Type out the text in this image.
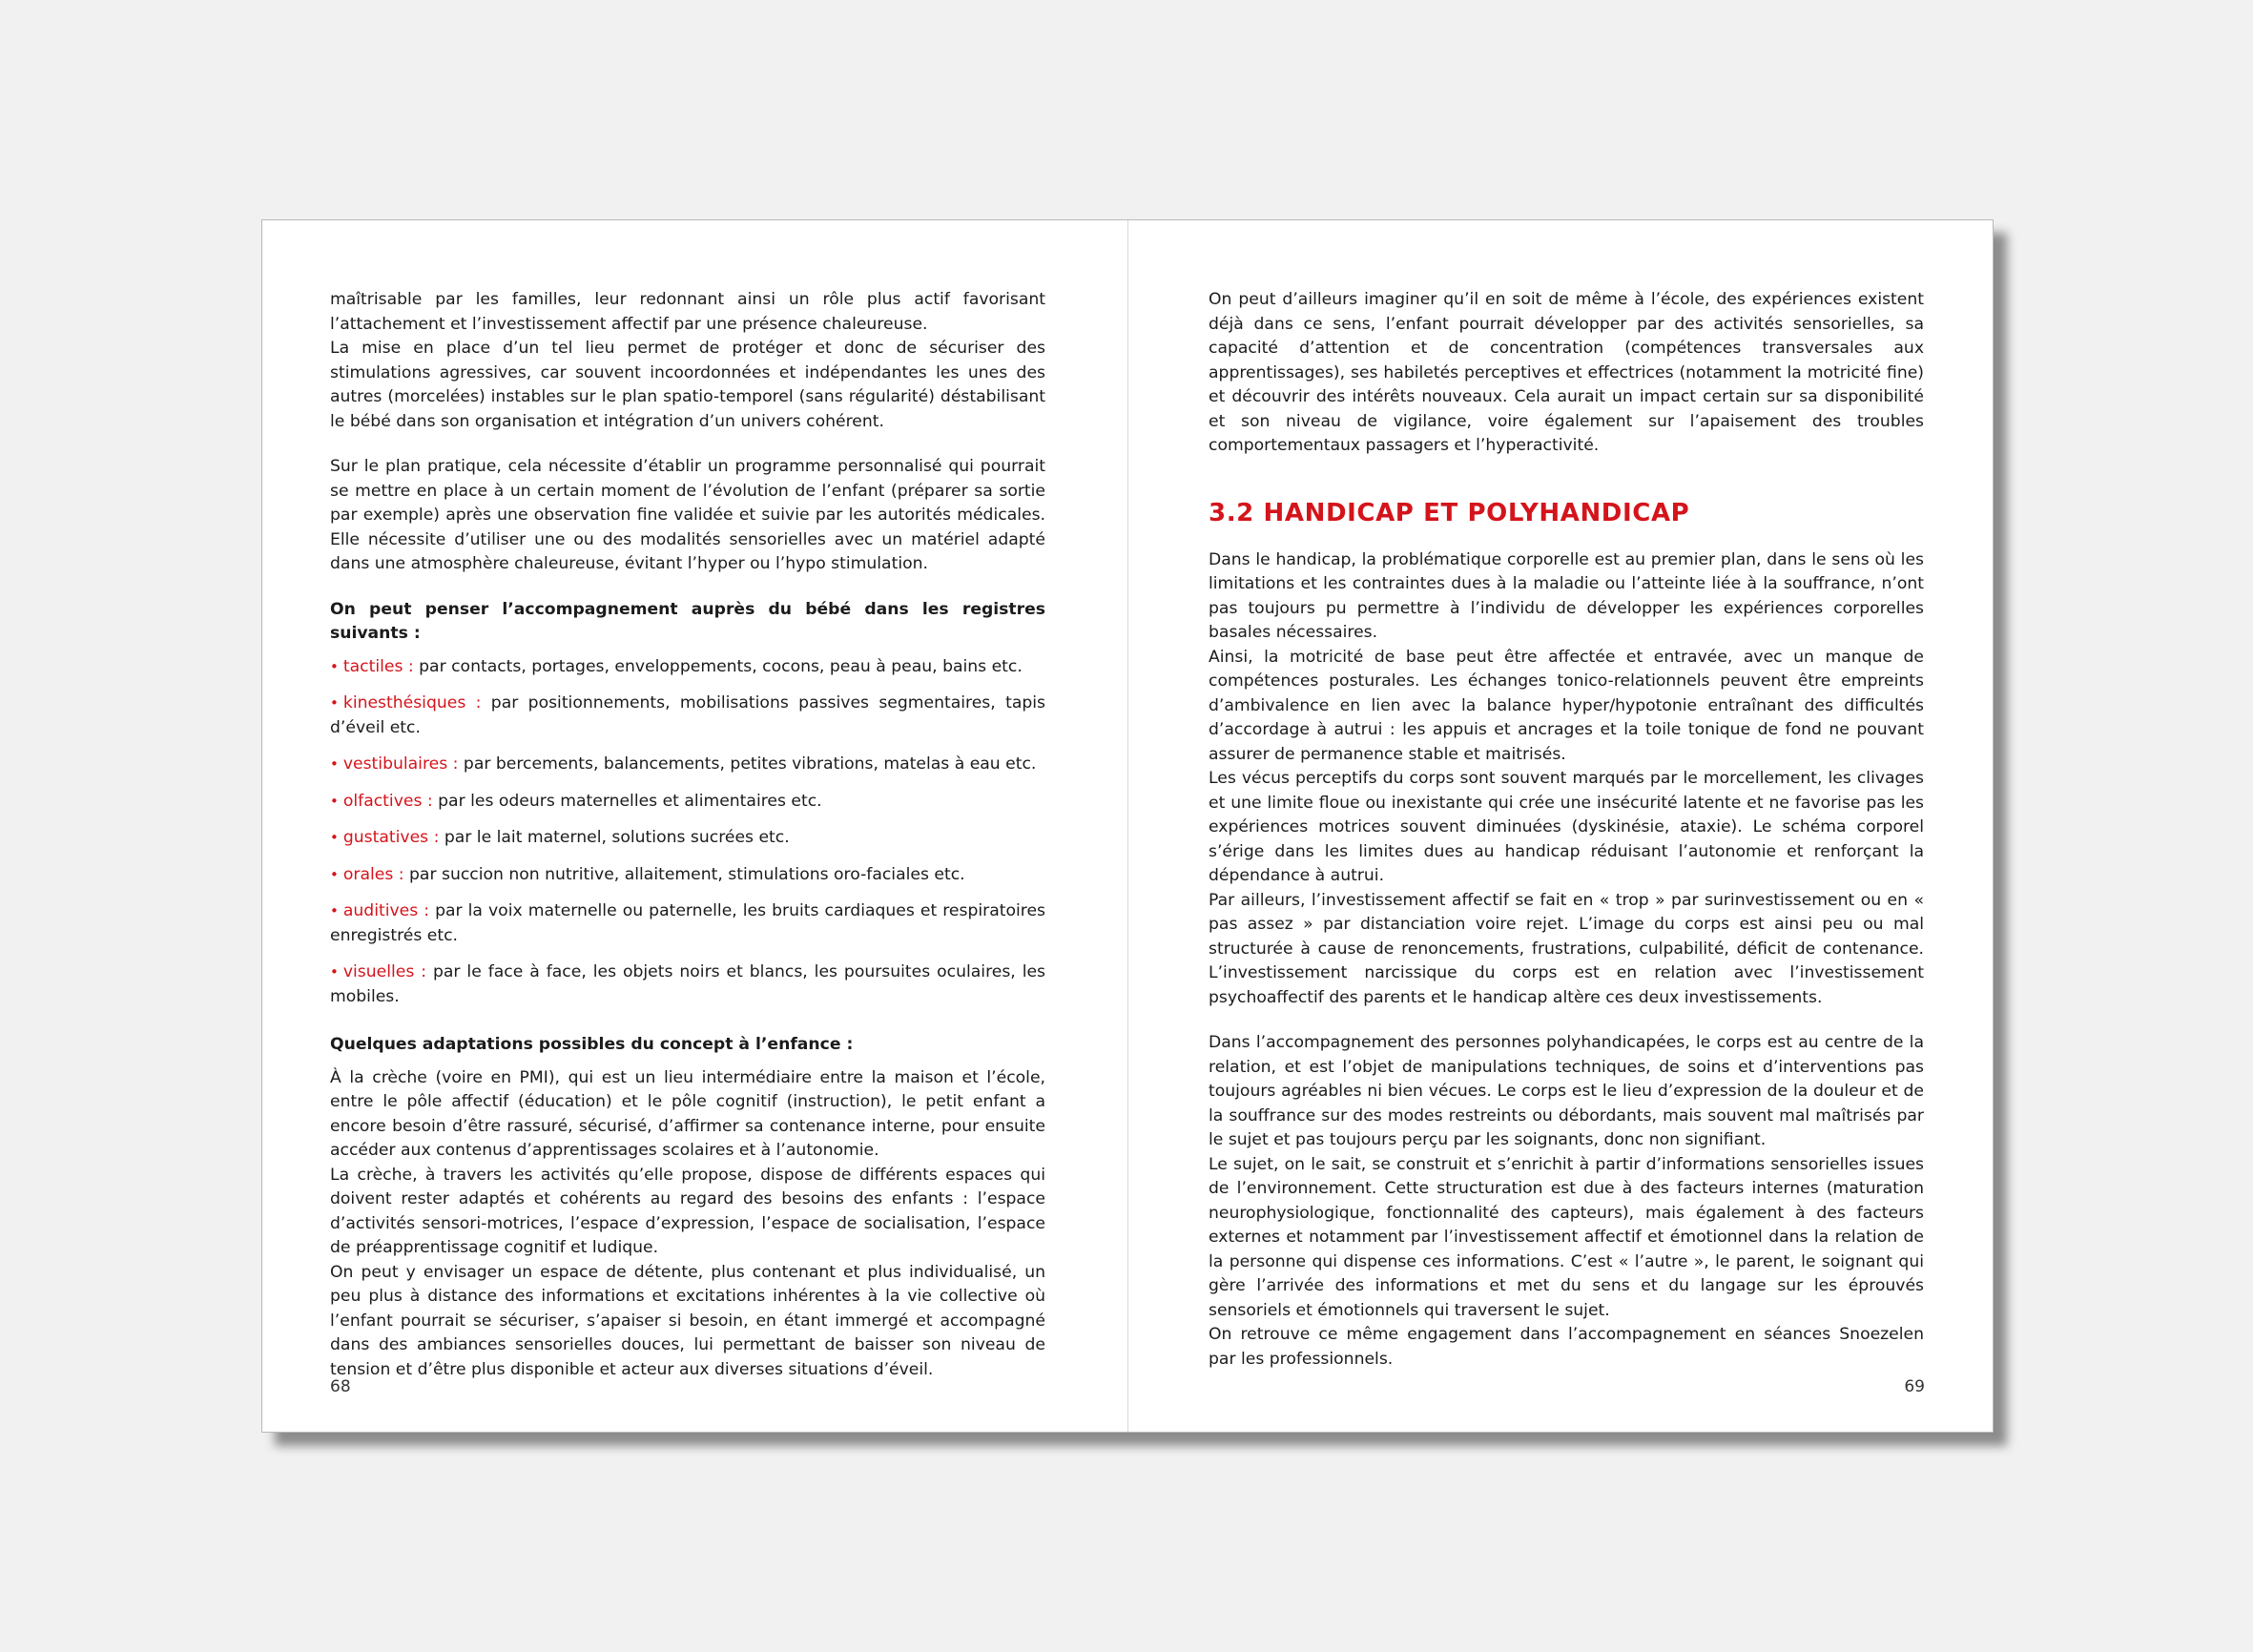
maîtrisable par les familles, leur redonnant ainsi un rôle plus actif favorisant l’attachement et l’investissement affectif par une présence chaleureuse.

La mise en place d’un tel lieu permet de protéger et donc de sécuriser des stimulations agressives, car souvent incoordonnées et indépendantes les unes des autres (morcelées) instables sur le plan spatio-temporel (sans régularité) déstabilisant le bébé dans son organisation et intégration d’un univers cohérent.

Sur le plan pratique, cela nécessite d’établir un programme personnalisé qui pourrait se mettre en place à un certain moment de l’évolution de l’enfant (préparer sa sortie par exemple) après une observation fine validée et suivie par les autorités médicales. Elle nécessite d’utiliser une ou des modalités sensorielles avec un matériel adapté dans une atmosphère chaleureuse, évitant l’hyper ou l’hypo stimulation.

On peut penser l’accompagnement auprès du bébé dans les registres suivants :

• tactiles : par contacts, portages, enveloppements, cocons, peau à peau, bains etc.

• kinesthésiques : par positionnements, mobilisations passives segmentaires, tapis d’éveil etc.

• vestibulaires : par bercements, balancements, petites vibrations, matelas à eau etc.

• olfactives : par les odeurs maternelles et alimentaires etc.

• gustatives : par le lait maternel, solutions sucrées etc.

• orales : par succion non nutritive, allaitement, stimulations oro-faciales etc.

• auditives : par la voix maternelle ou paternelle, les bruits cardiaques et respiratoires enregistrés etc.

• visuelles : par le face à face, les objets noirs et blancs, les poursuites oculaires, les mobiles.

Quelques adaptations possibles du concept à l’enfance :

À la crèche (voire en PMI), qui est un lieu intermédiaire entre la maison et l’école, entre le pôle affectif (éducation) et le pôle cognitif (instruction), le petit enfant a encore besoin d’être rassuré, sécurisé, d’affirmer sa contenance interne, pour ensuite accéder aux contenus d’apprentissages scolaires et à l’autonomie.

La crèche, à travers les activités qu’elle propose, dispose de différents espaces qui doivent rester adaptés et cohérents au regard des besoins des enfants : l’espace d’activités sensori-motrices, l’espace d’expression, l’espace de socialisation, l’espace de préapprentissage cognitif et ludique.

On peut y envisager un espace de détente, plus contenant et plus individualisé, un peu plus à distance des informations et excitations inhérentes à la vie collective où l’enfant pourrait se sécuriser, s’apaiser si besoin, en étant immergé et accompagné dans des ambiances sensorielles douces, lui permettant de baisser son niveau de tension et d’être plus disponible et acteur aux diverses situations d’éveil.

68

On peut d’ailleurs imaginer qu’il en soit de même à l’école, des expériences existent déjà dans ce sens, l’enfant pourrait développer par des activités sensorielles, sa capacité d’attention et de concentration (compétences transversales aux apprentissages), ses habiletés perceptives et effectrices (notamment la motricité fine) et découvrir des intérêts nouveaux. Cela aurait un impact certain sur sa disponibilité et son niveau de vigilance, voire également sur l’apaisement des troubles comportementaux passagers et l’hyperactivité.

3.2 HANDICAP ET POLYHANDICAP

Dans le handicap, la problématique corporelle est au premier plan, dans le sens où les limitations et les contraintes dues à la maladie ou l’atteinte liée à la souffrance, n’ont pas toujours pu permettre à l’individu de développer les expériences corporelles basales nécessaires.

Ainsi, la motricité de base peut être affectée et entravée, avec un manque de compétences posturales. Les échanges tonico-relationnels peuvent être empreints d’ambivalence en lien avec la balance hyper/hypotonie entraînant des difficultés d’accordage à autrui : les appuis et ancrages et la toile tonique de fond ne pouvant assurer de permanence stable et maitrisés.

Les vécus perceptifs du corps sont souvent marqués par le morcellement, les clivages et une limite floue ou inexistante qui crée une insécurité latente et ne favorise pas les expériences motrices souvent diminuées (dyskinésie, ataxie). Le schéma corporel s’érige dans les limites dues au handicap réduisant l’autonomie et renforçant la dépendance à autrui.

Par ailleurs, l’investissement affectif se fait en « trop » par surinvestissement ou en « pas assez » par distanciation voire rejet. L’image du corps est ainsi peu ou mal structurée à cause de renoncements, frustrations, culpabilité, déficit de contenance. L’investissement narcissique du corps est en relation avec l’investissement psychoaffectif des parents et le handicap altère ces deux investissements.

Dans l’accompagnement des personnes polyhandicapées, le corps est au centre de la relation, et est l’objet de manipulations techniques, de soins et d’interventions pas toujours agréables ni bien vécues. Le corps est le lieu d’expression de la douleur et de la souffrance sur des modes restreints ou débordants, mais souvent mal maîtrisés par le sujet et pas toujours perçu par les soignants, donc non signifiant.

Le sujet, on le sait, se construit et s’enrichit à partir d’informations sensorielles issues de l’environnement. Cette structuration est due à des facteurs internes (maturation neurophysiologique, fonctionnalité des capteurs), mais également à des facteurs externes et notamment par l’investissement affectif et émotionnel dans la relation de la personne qui dispense ces informations. C’est « l’autre », le parent, le soignant qui gère l’arrivée des informations et met du sens et du langage sur les éprouvés sensoriels et émotionnels qui traversent le sujet.

On retrouve ce même engagement dans l’accompagnement en séances Snoezelen par les professionnels.

69
